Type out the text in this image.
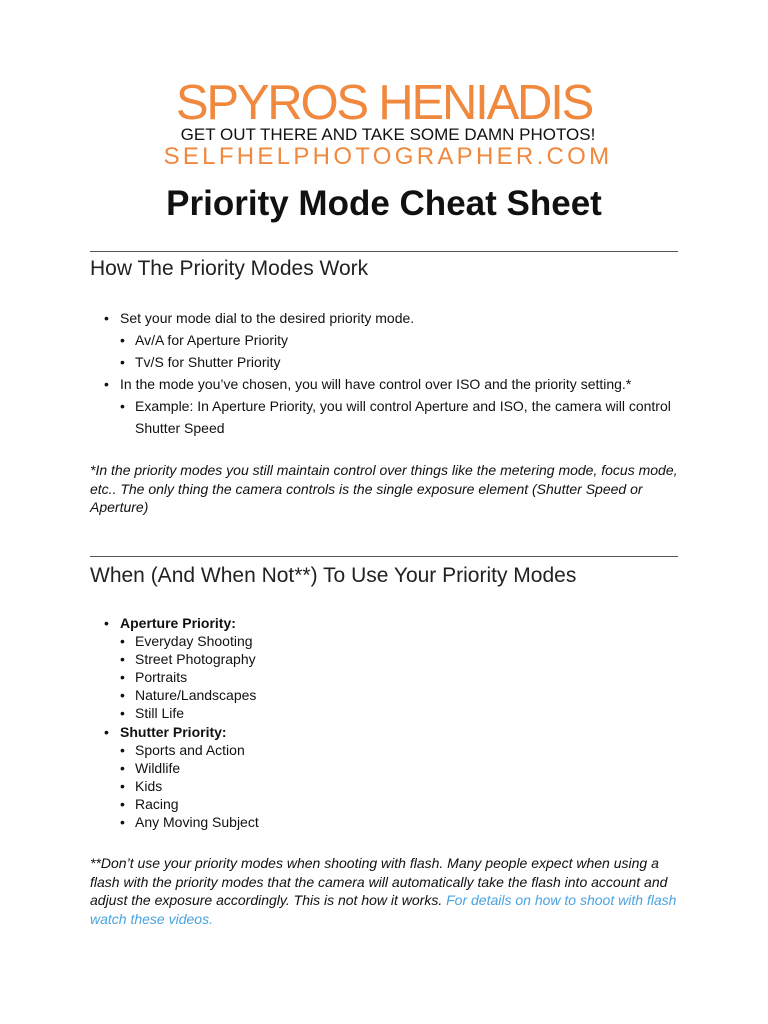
SPYROS HENIADIS
GET OUT THERE AND TAKE SOME DAMN PHOTOS!
SELFHELPHOTOGRAPHER.COM
Priority Mode Cheat Sheet
How The Priority Modes Work
• Set your mode dial to the desired priority mode.
• Av/A for Aperture Priority
• Tv/S for Shutter Priority
• In the mode you’ve chosen, you will have control over ISO and the priority setting.*
• Example: In Aperture Priority, you will control Aperture and ISO, the camera will control Shutter Speed
*In the priority modes you still maintain control over things like the metering mode, focus mode, etc.. The only thing the camera controls is the single exposure element (Shutter Speed or Aperture)
When (And When Not**) To Use Your Priority Modes
• Aperture Priority:
• Everyday Shooting
• Street Photography
• Portraits
• Nature/Landscapes
• Still Life
• Shutter Priority:
• Sports and Action
• Wildlife
• Kids
• Racing
• Any Moving Subject
**Don’t use your priority modes when shooting with flash. Many people expect when using a flash with the priority modes that the camera will automatically take the flash into account and adjust the exposure accordingly. This is not how it works. For details on how to shoot with flash watch these videos.
